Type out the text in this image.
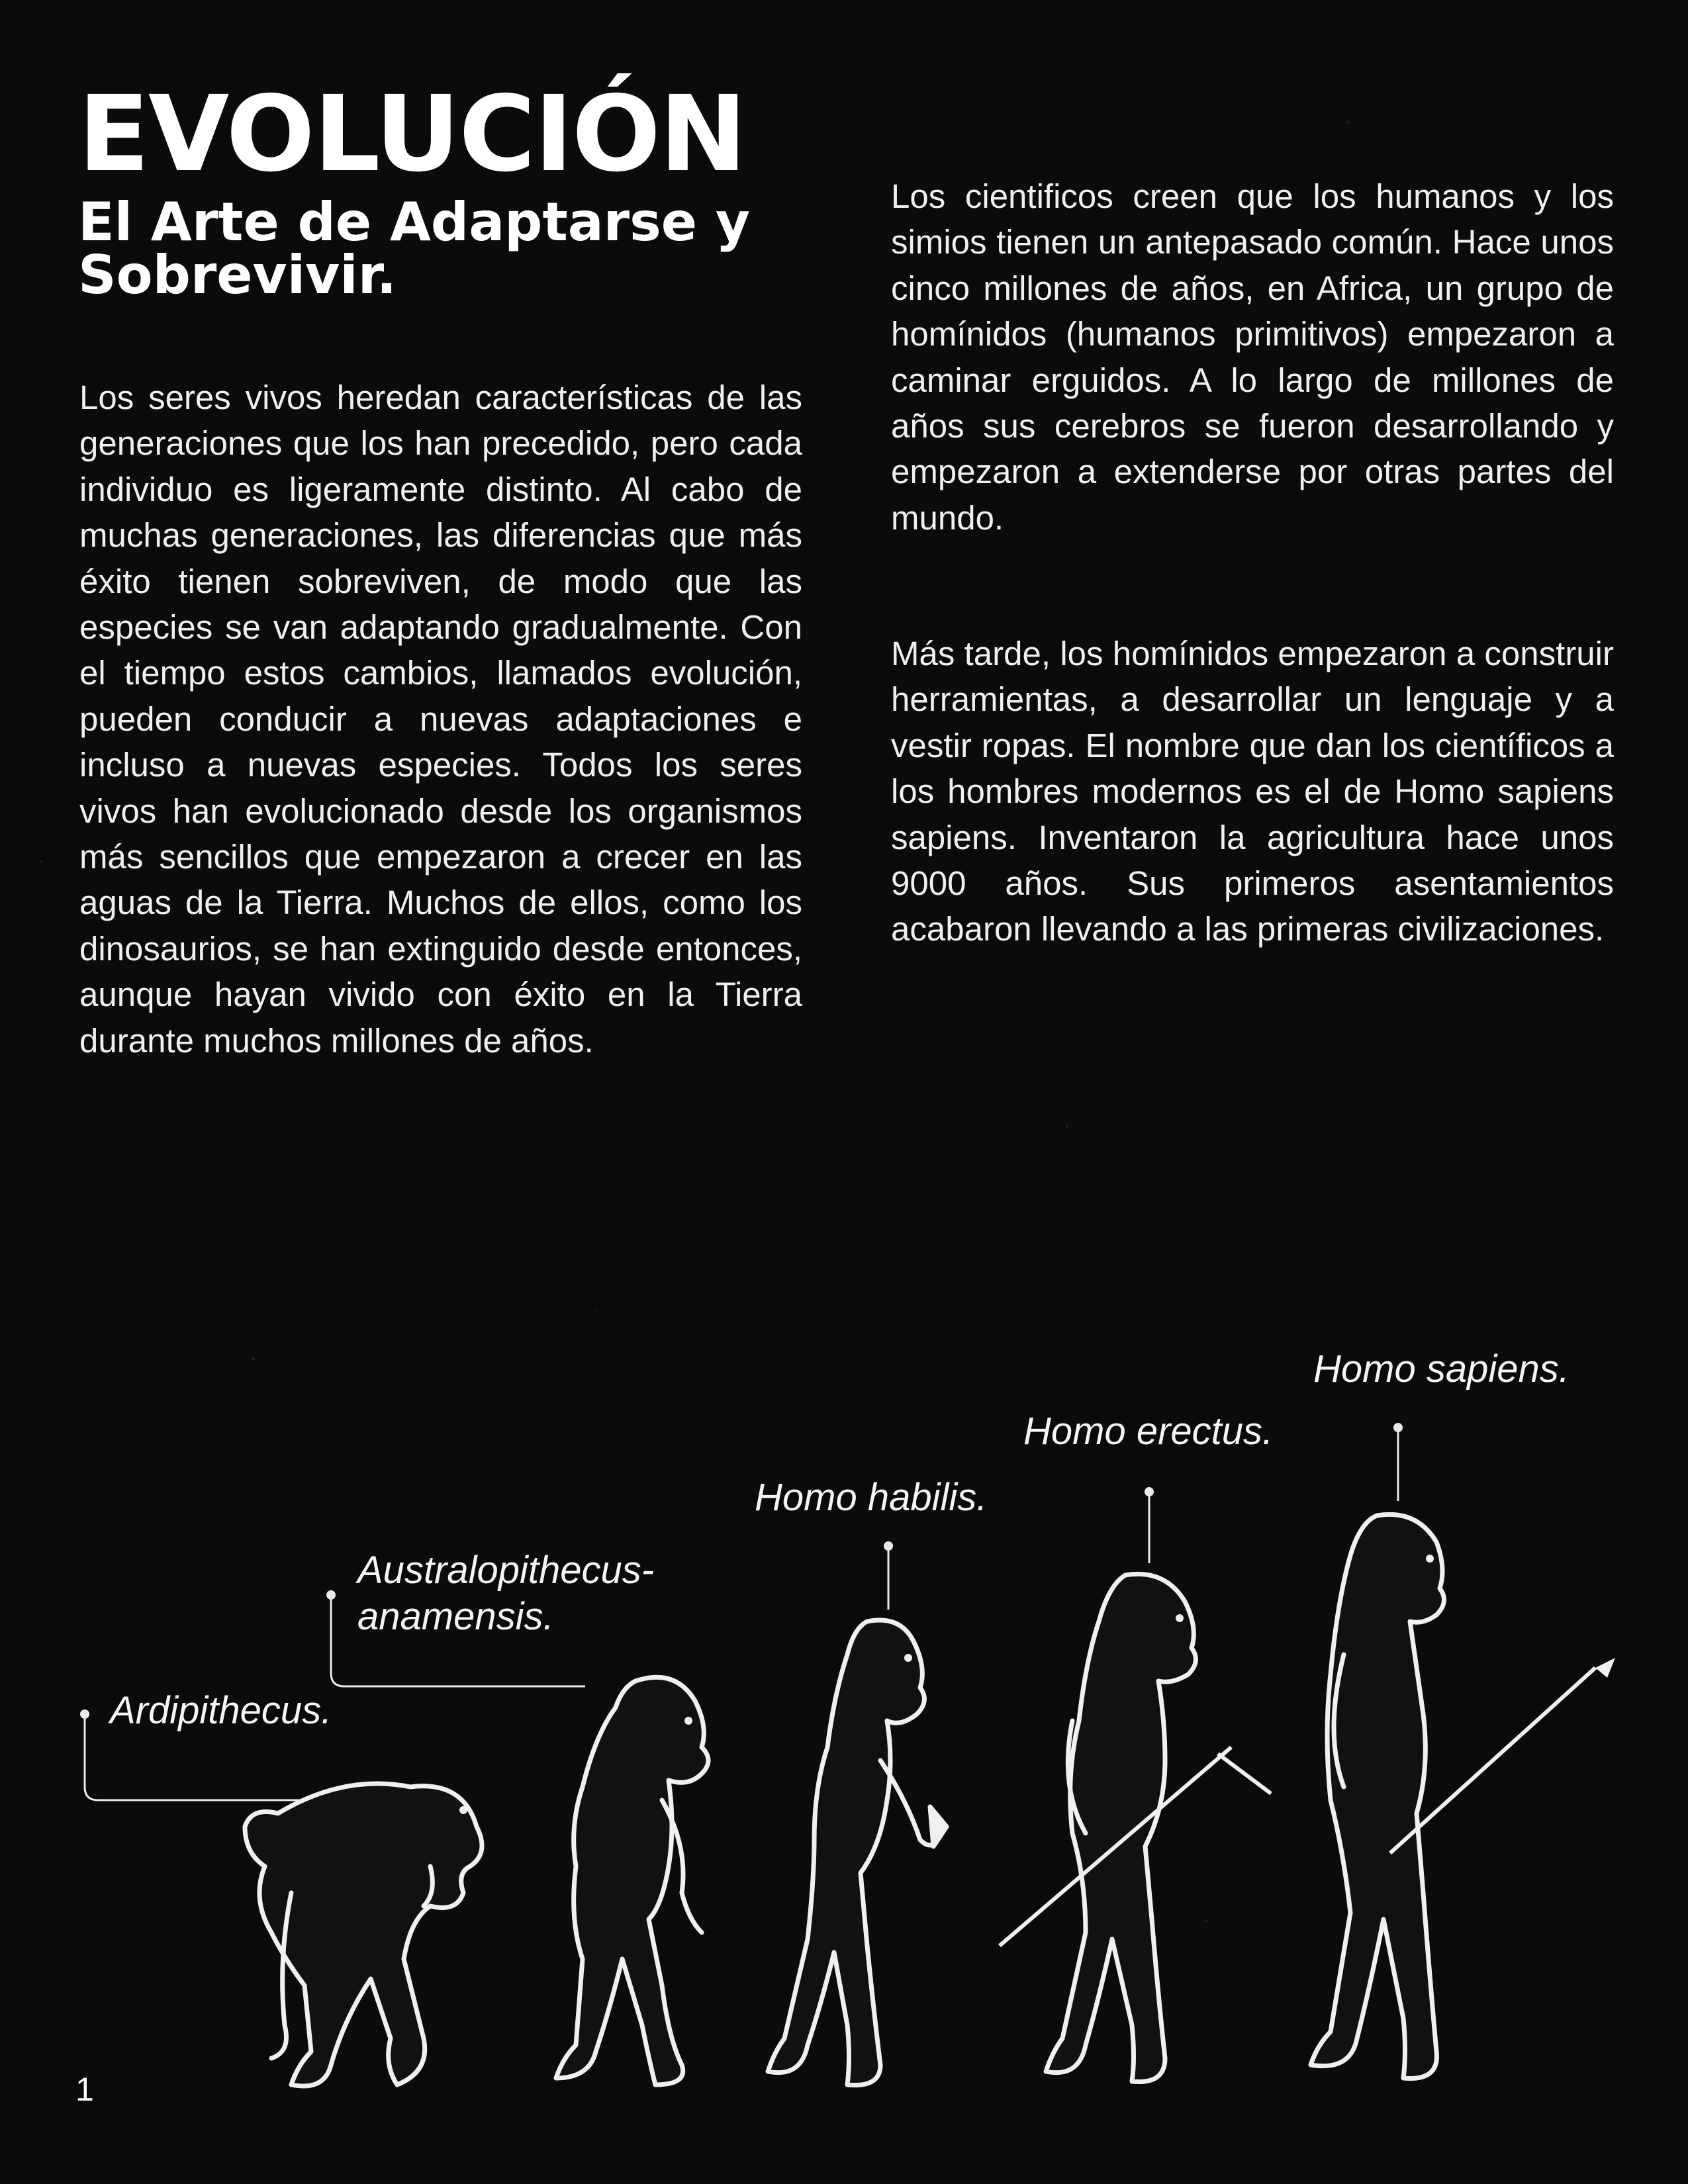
EVOLUCIÓN
El Arte de Adaptarse y Sobrevivir.

Los seres vivos heredan características de las generaciones que los han precedido, pero cada individuo es ligeramente distinto. Al cabo de muchas generaciones, las diferencias que más éxito tienen sobreviven, de modo que las especies se van adaptando gradualmente. Con el tiempo estos cambios, llamados evolución, pueden conducir a nuevas adaptaciones e incluso a nuevas especies. Todos los seres vivos han evolucionado desde los organismos más sencillos que empezaron a crecer en las aguas de la Tierra. Muchos de ellos, como los dinosaurios, se han extinguido desde entonces, aunque hayan vivido con éxito en la Tierra durante muchos millones de años.

Los cientificos creen que los humanos y los simios tienen un antepasado común. Hace unos cinco millones de años, en Africa, un grupo de homínidos (humanos primitivos) empezaron a caminar erguidos. A lo largo de millones de años sus cerebros se fueron desarrollando y empezaron a extenderse por otras partes del mundo.

Más tarde, los homínidos empezaron a construir herramientas, a desarrollar un lenguaje y a vestir ropas. El nombre que dan los científicos a los hombres modernos es el de Homo sapiens sapiens. Inventaron la agricultura hace unos 9000 años. Sus primeros asentamientos acabaron llevando a las primeras civilizaciones.

Ardipithecus.
Australopithecus- anamensis.
Homo habilis.
Homo erectus.
Homo sapiens.
1
